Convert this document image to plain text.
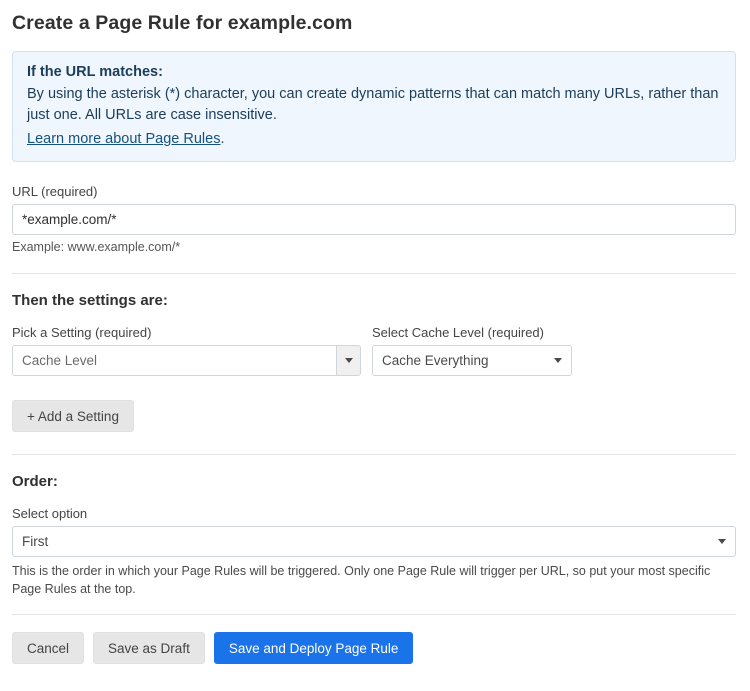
Create a Page Rule for example.com
If the URL matches:
By using the asterisk (*) character, you can create dynamic patterns that can match many URLs, rather than just one. All URLs are case insensitive.
Learn more about Page Rules.
URL (required)
*example.com/*
Example: www.example.com/*
Then the settings are:
Pick a Setting (required)
Cache Level
Select Cache Level (required)
Cache Everything
+ Add a Setting
Order:
Select option
First
This is the order in which your Page Rules will be triggered. Only one Page Rule will trigger per URL, so put your most specific Page Rules at the top.
Cancel	Save as Draft	Save and Deploy Page Rule
